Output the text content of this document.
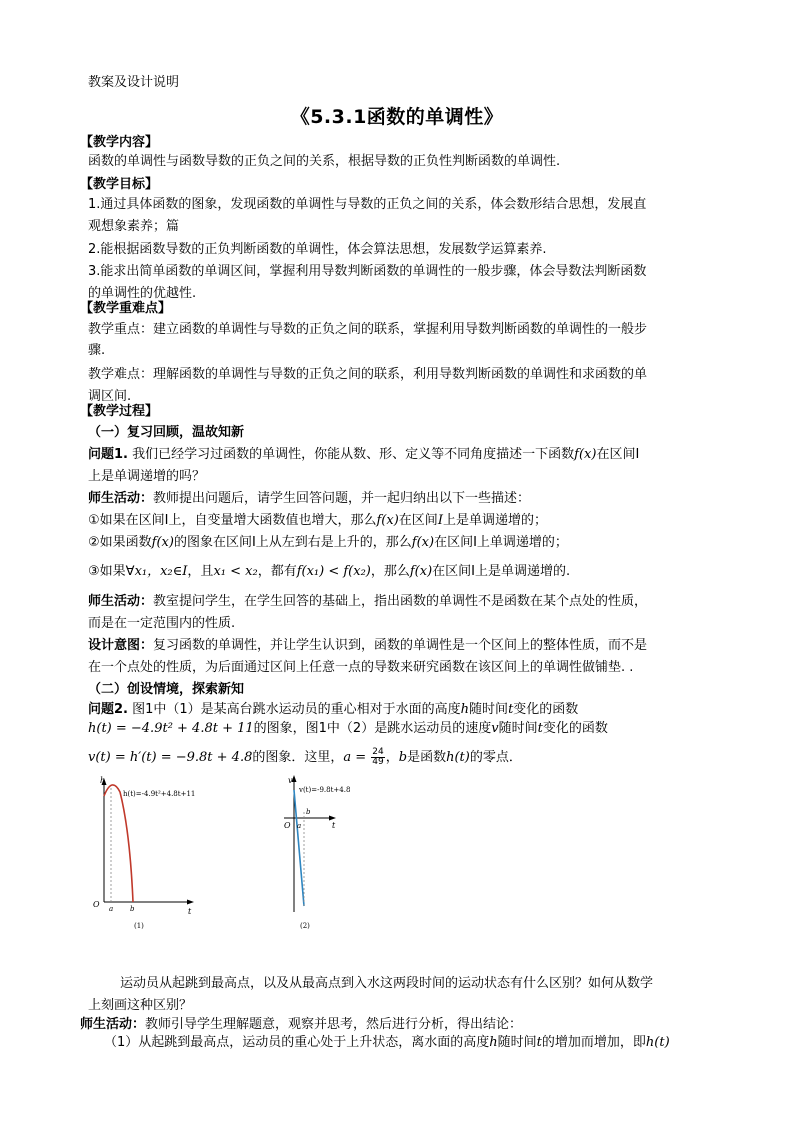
教案及设计说明
《5.3.1函数的单调性》
【教学内容】
函数的单调性与函数导数的正负之间的关系，根据导数的正负性判断函数的单调性.
【教学目标】
1.通过具体函数的图象，发现函数的单调性与导数的正负之间的关系，体会数形结合思想，发展直
观想象素养；篇
2.能根据函数导数的正负判断函数的单调性，体会算法思想，发展数学运算素养.
3.能求出简单函数的单调区间，掌握利用导数判断函数的单调性的一般步骤，体会导数法判断函数
的单调性的优越性.
【教学重难点】
教学重点：建立函数的单调性与导数的正负之间的联系，掌握利用导数判断函数的单调性的一般步
骤.
教学难点：理解函数的单调性与导数的正负之间的联系，利用导数判断函数的单调性和求函数的单
调区间.
【教学过程】
（一）复习回顾，温故知新
问题1. 我们已经学习过函数的单调性，你能从数、形、定义等不同角度描述一下函数f(x)在区间I
上是单调递增的吗？
师生活动：教师提出问题后，请学生回答问题，并一起归纳出以下一些描述：
①如果在区间I上，自变量增大函数值也增大，那么f(x)在区间I上是单调递增的；
②如果函数f(x)的图象在区间I上从左到右是上升的，那么f(x)在区间I上单调递增的；
③如果∀x₁，x₂∈I，且x₁ < x₂，都有f(x₁) < f(x₂)，那么f(x)在区间I上是单调递增的.
师生活动：教室提问学生，在学生回答的基础上，指出函数的单调性不是函数在某个点处的性质，
而是在一定范围内的性质.
设计意图：复习函数的单调性，并让学生认识到，函数的单调性是一个区间上的整体性质，而不是
在一个点处的性质，为后面通过区间上任意一点的导数来研究函数在该区间上的单调性做铺垫. .
（二）创设情境，探索新知
问题2. 图1中（1）是某高台跳水运动员的重心相对于水面的高度h随时间t变化的函数
h(t) = −4.9t² + 4.8t + 11的图象，图1中（2）是跳水运动员的速度v随时间t变化的函数
v(t) = h′(t) = −9.8t + 4.8的图象．这里，$a = \frac{24}{49}$ ，b是函数h(t)的零点．
h
t
O a b
h(t)=-4.9t²+4.8t+11
(1)
v
t
O a
b
v(t)=-9.8t+4.8
(2)
运动员从起跳到最高点，以及从最高点到入水这两段时间的运动状态有什么区别？如何从数学
上刻画这种区别？
师生活动：教师引导学生理解题意，观察并思考，然后进行分析，得出结论：
（1）从起跳到最高点，运动员的重心处于上升状态，离水面的高度h随时间t的增加而增加，即h(t)
